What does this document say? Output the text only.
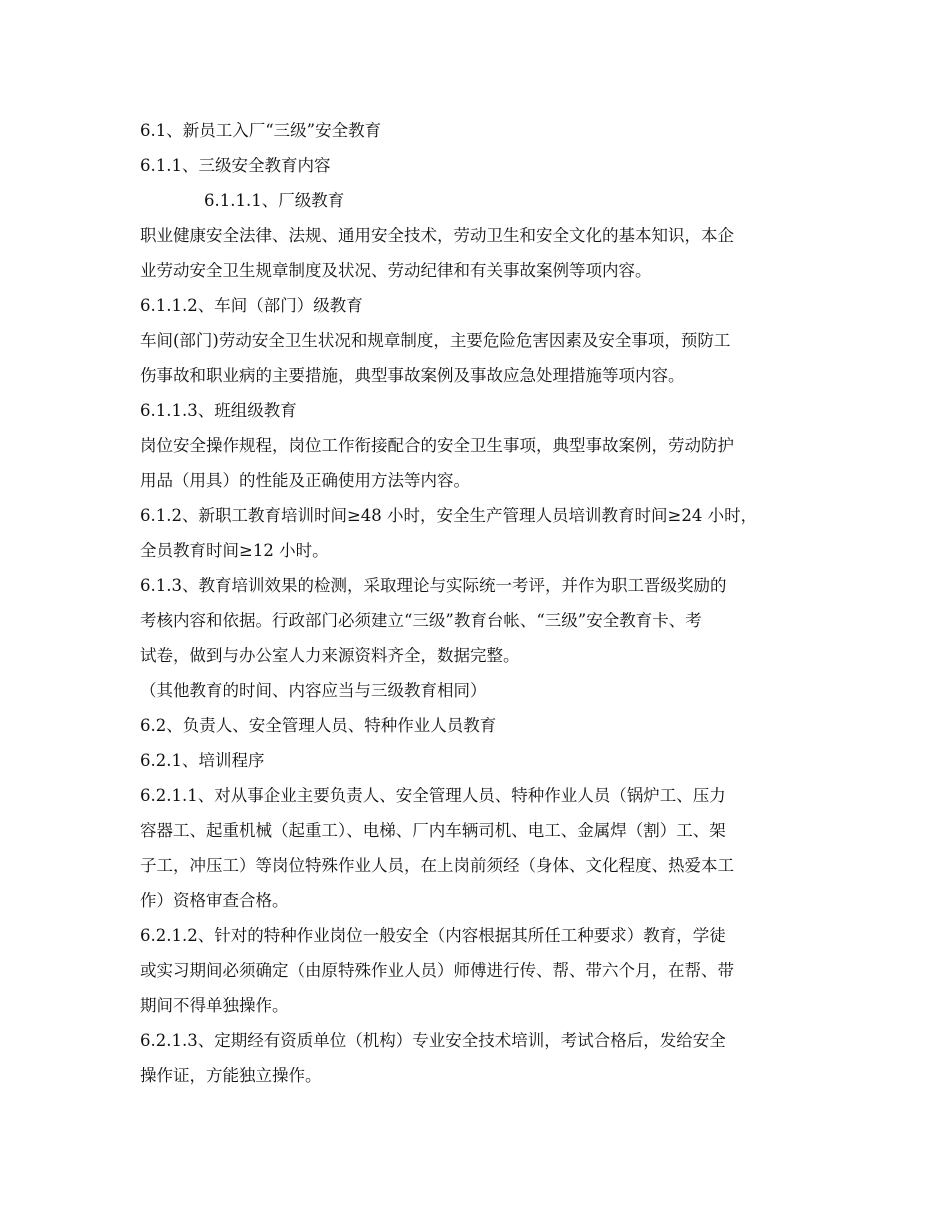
6.1、新员工入厂“三级”安全教育
6.1.1、三级安全教育内容
6.1.1.1、厂级教育
职业健康安全法律、法规、通用安全技术，劳动卫生和安全文化的基本知识，本企
业劳动安全卫生规章制度及状况、劳动纪律和有关事故案例等项内容。
6.1.1.2、车间（部门）级教育
车间(部门)劳动安全卫生状况和规章制度，主要危险危害因素及安全事项，预防工
伤事故和职业病的主要措施，典型事故案例及事故应急处理措施等项内容。
6.1.1.3、班组级教育
岗位安全操作规程，岗位工作衔接配合的安全卫生事项，典型事故案例，劳动防护
用品（用具）的性能及正确使用方法等内容。
6.1.2、新职工教育培训时间≥48 小时，安全生产管理人员培训教育时间≥24 小时，
全员教育时间≥12 小时。
6.1.3、教育培训效果的检测，采取理论与实际统一考评，并作为职工晋级奖励的
考核内容和依据。行政部门必须建立“三级”教育台帐、“三级”安全教育卡、考
试卷，做到与办公室人力来源资料齐全，数据完整。
（其他教育的时间、内容应当与三级教育相同）
6.2、负责人、安全管理人员、特种作业人员教育
6.2.1、培训程序
6.2.1.1、对从事企业主要负责人、安全管理人员、特种作业人员（锅炉工、压力
容器工、起重机械（起重工）、电梯、厂内车辆司机、电工、金属焊（割）工、架
子工，冲压工）等岗位特殊作业人员，在上岗前须经（身体、文化程度、热爱本工
作）资格审查合格。
6.2.1.2、针对的特种作业岗位一般安全（内容根据其所任工种要求）教育，学徒
或实习期间必须确定（由原特殊作业人员）师傅进行传、帮、带六个月，在帮、带
期间不得单独操作。
6.2.1.3、定期经有资质单位（机构）专业安全技术培训，考试合格后，发给安全
操作证，方能独立操作。
